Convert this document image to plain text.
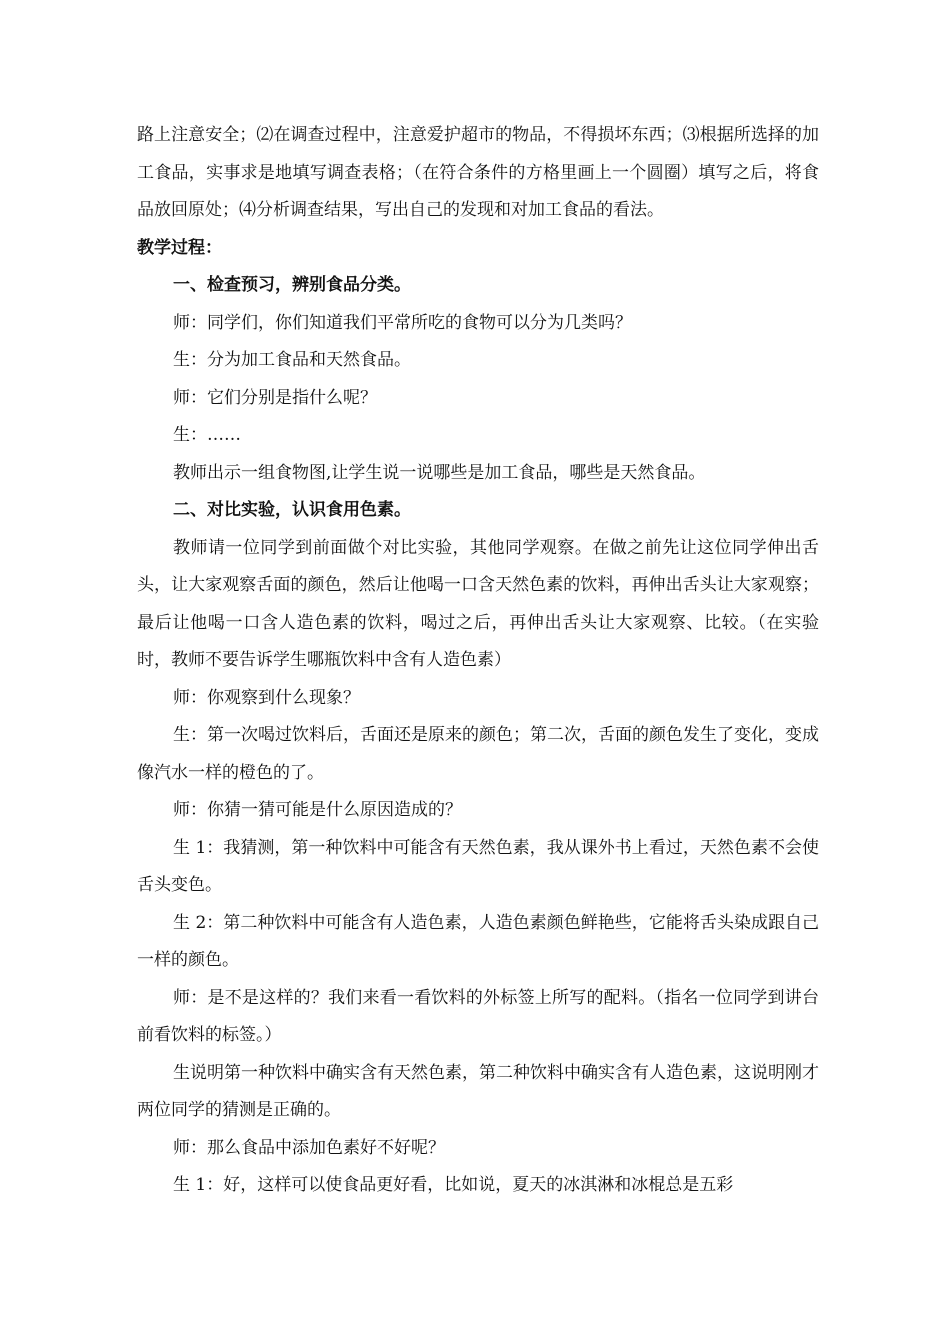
路上注意安全；⑵在调查过程中，注意爱护超市的物品，不得损坏东西；⑶根据所选择的加工食品，实事求是地填写调查表格；（在符合条件的方格里画上一个圆圈）填写之后，将食品放回原处；⑷分析调查结果，写出自己的发现和对加工食品的看法。

教学过程：

一、检查预习，辨别食品分类。

师：同学们，你们知道我们平常所吃的食物可以分为几类吗？

生：分为加工食品和天然食品。

师：它们分别是指什么呢？

生：……

教师出示一组食物图,让学生说一说哪些是加工食品，哪些是天然食品。

二、对比实验，认识食用色素。

教师请一位同学到前面做个对比实验，其他同学观察。在做之前先让这位同学伸出舌头，让大家观察舌面的颜色，然后让他喝一口含天然色素的饮料，再伸出舌头让大家观察；最后让他喝一口含人造色素的饮料，喝过之后，再伸出舌头让大家观察、比较。（在实验时，教师不要告诉学生哪瓶饮料中含有人造色素）

师：你观察到什么现象？

生：第一次喝过饮料后，舌面还是原来的颜色；第二次，舌面的颜色发生了变化，变成像汽水一样的橙色的了。

师：你猜一猜可能是什么原因造成的？

生 1：我猜测，第一种饮料中可能含有天然色素，我从课外书上看过，天然色素不会使舌头变色。

生 2：第二种饮料中可能含有人造色素，人造色素颜色鲜艳些，它能将舌头染成跟自己一样的颜色。

师：是不是这样的？我们来看一看饮料的外标签上所写的配料。（指名一位同学到讲台前看饮料的标签。）

生说明第一种饮料中确实含有天然色素，第二种饮料中确实含有人造色素，这说明刚才两位同学的猜测是正确的。

师：那么食品中添加色素好不好呢？

生 1：好，这样可以使食品更好看，比如说，夏天的冰淇淋和冰棍总是五彩
